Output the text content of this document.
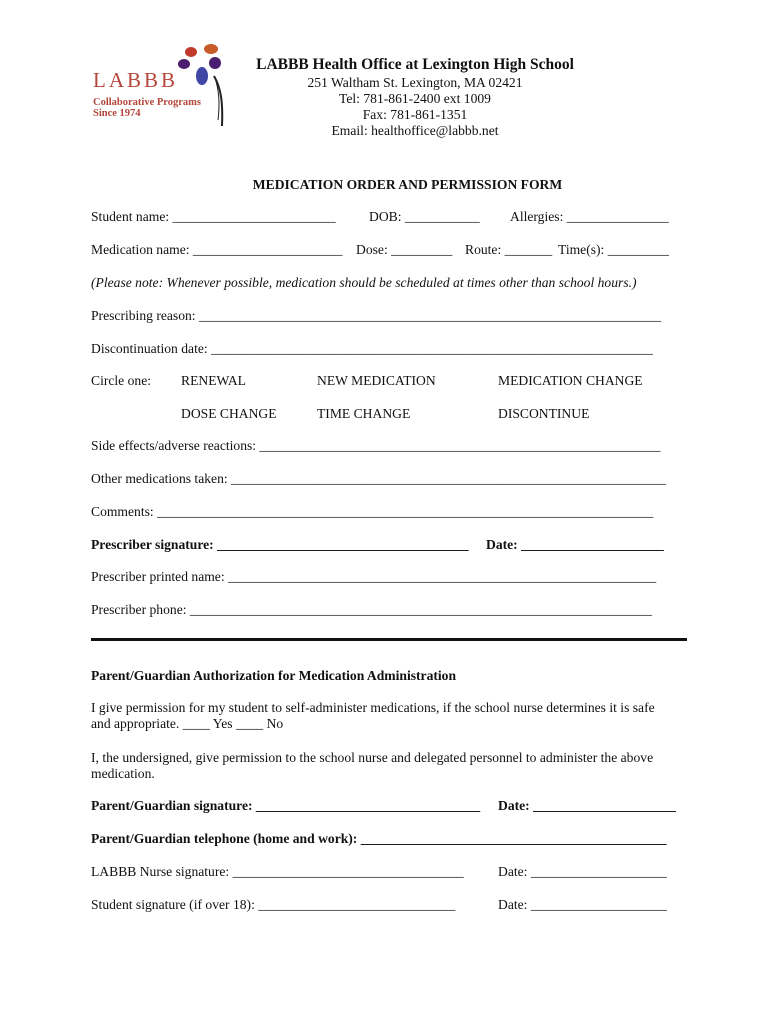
LABBB
Collaborative Programs
Since 1974
LABBB Health Office at Lexington High School
251 Waltham St. Lexington, MA 02421
Tel: 781-861-2400 ext 1009
Fax: 781-861-1351
Email: healthoffice@labbb.net
MEDICATION ORDER AND PERMISSION FORM
Student name: ________________________ DOB: ___________ Allergies: _______________
Medication name: ______________________ Dose: _________ Route: _______ Time(s): _________
(Please note: Whenever possible, medication should be scheduled at times other than school hours.)
Prescribing reason: ____________________________________________________________________
Discontinuation date: _________________________________________________________________
Circle one: RENEWAL	NEW MEDICATION	MEDICATION CHANGE
DOSE CHANGE	TIME CHANGE	DISCONTINUE
Side effects/adverse reactions: ___________________________________________________________
Other medications taken: ________________________________________________________________
Comments: _________________________________________________________________________
Prescriber signature: _____________________________________ Date: _____________________
Prescriber printed name: _______________________________________________________________
Prescriber phone: ____________________________________________________________________
Parent/Guardian Authorization for Medication Administration
I give permission for my student to self-administer medications, if the school nurse determines it is safe
and appropriate. ____ Yes ____ No
I, the undersigned, give permission to the school nurse and delegated personnel to administer the above
medication.
Parent/Guardian signature: _________________________________ Date: _____________________
Parent/Guardian telephone (home and work): _____________________________________________
LABBB Nurse signature: __________________________________	Date: ____________________
Student signature (if over 18): _____________________________	Date: ____________________
